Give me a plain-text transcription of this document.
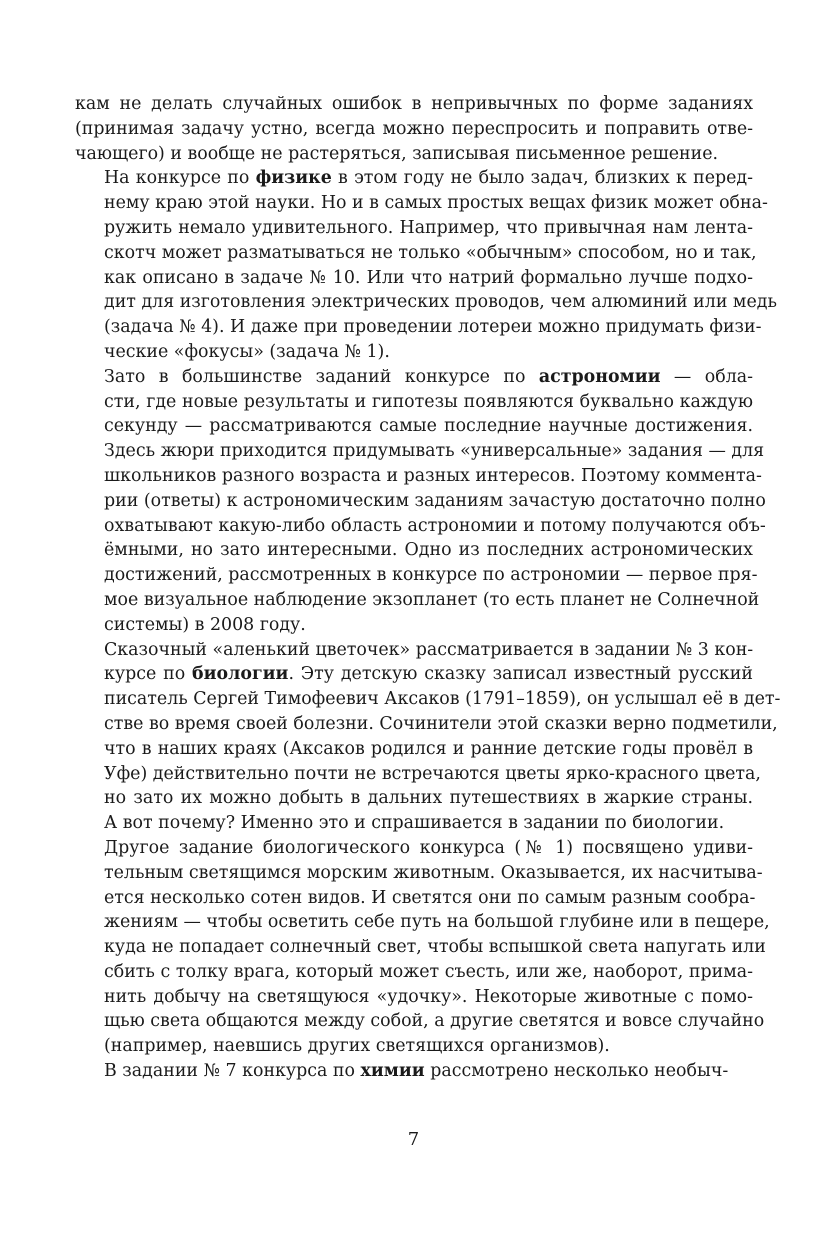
кам не делать случайных ошибок в непривычных по форме заданиях
(принимая задачу устно, всегда можно переспросить и поправить отве-
чающего) и вообще не растеряться, записывая письменное решение.

На конкурсе по физике в этом году не было задач, близких к перед-
нему краю этой науки. Но и в самых простых вещах физик может обна-
ружить немало удивительного. Например, что привычная нам лента-
скотч может разматываться не только «обычным» способом, но и так,
как описано в задаче № 10. Или что натрий формально лучше подхо-
дит для изготовления электрических проводов, чем алюминий или медь
(задача № 4). И даже при проведении лотереи можно придумать физи-
ческие «фокусы» (задача № 1).

Зато в большинстве заданий конкурсе по астрономии — обла-
сти, где новые результаты и гипотезы появляются буквально каждую
секунду — рассматриваются самые последние научные достижения.
Здесь жюри приходится придумывать «универсальные» задания — для
школьников разного возраста и разных интересов. Поэтому коммента-
рии (ответы) к астрономическим заданиям зачастую достаточно полно
охватывают какую-либо область астрономии и потому получаются объ-
ёмными, но зато интересными. Одно из последних астрономических
достижений, рассмотренных в конкурсе по астрономии — первое пря-
мое визуальное наблюдение экзопланет (то есть планет не Солнечной
системы) в 2008 году.

Сказочный «аленький цветочек» рассматривается в задании № 3 кон-
курсе по биологии. Эту детскую сказку записал известный русский
писатель Сергей Тимофеевич Аксаков (1791–1859), он услышал её в дет-
стве во время своей болезни. Сочинители этой сказки верно подметили,
что в наших краях (Аксаков родился и ранние детские годы провёл в
Уфе) действительно почти не встречаются цветы ярко-красного цвета,
но зато их можно добыть в дальних путешествиях в жаркие страны.
А вот почему? Именно это и спрашивается в задании по биологии.

Другое задание биологического конкурса (№ 1) посвящено удиви-
тельным светящимся морским животным. Оказывается, их насчитыва-
ется несколько сотен видов. И светятся они по самым разным сообра-
жениям — чтобы осветить себе путь на большой глубине или в пещере,
куда не попадает солнечный свет, чтобы вспышкой света напугать или
сбить с толку врага, который может съесть, или же, наоборот, прима-
нить добычу на светящуюся «удочку». Некоторые животные с помо-
щью света общаются между собой, а другие светятся и вовсе случайно
(например, наевшись других светящихся организмов).

В задании № 7 конкурса по химии рассмотрено несколько необыч-

7
